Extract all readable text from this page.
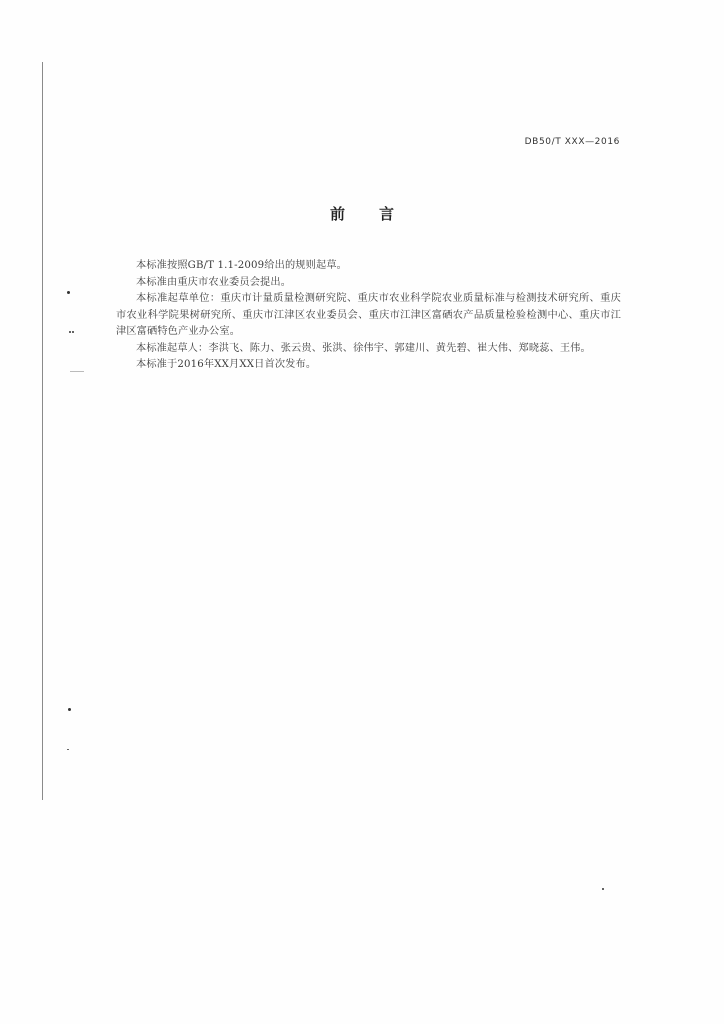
DB50/T XXX—2016
前 言

本标准按照GB/T 1.1-2009给出的规则起草。

本标准由重庆市农业委员会提出。

本标准起草单位：重庆市计量质量检测研究院、重庆市农业科学院农业质量标准与检测技术研究所、重庆市农业科学院果树研究所、重庆市江津区农业委员会、重庆市江津区富硒农产品质量检验检测中心、重庆市江津区富硒特色产业办公室。

本标准起草人：李洪飞、陈力、张云贵、张洪、徐伟宇、郭建川、黄先碧、崔大伟、郑晓蕊、王伟。

本标准于2016年XX月XX日首次发布。
